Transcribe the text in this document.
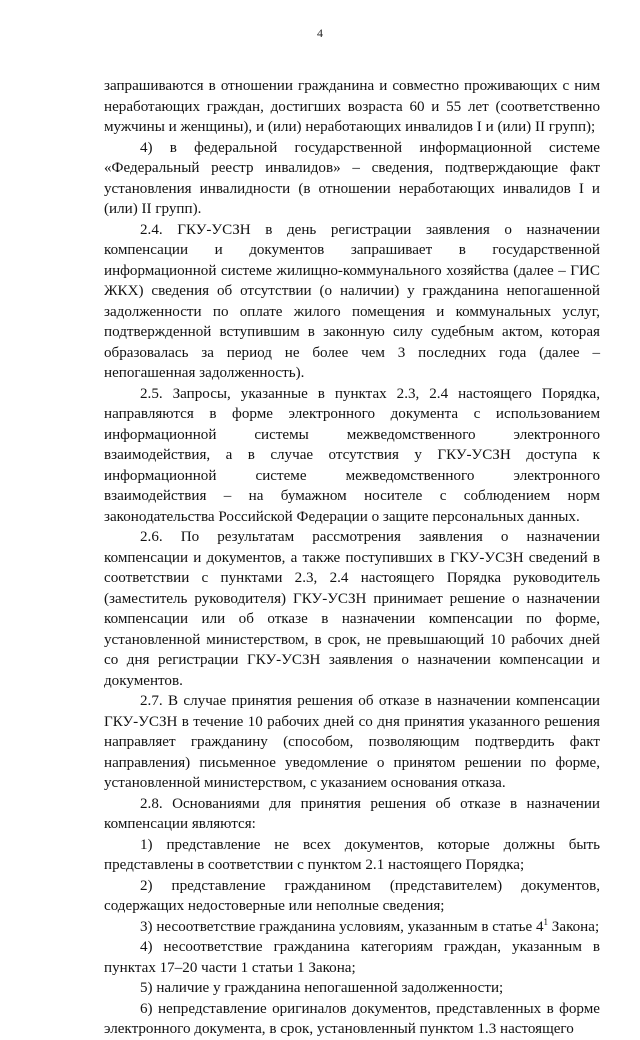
4

запрашиваются в отношении гражданина и совместно проживающих с ним неработающих граждан, достигших возраста 60 и 55 лет (соответственно мужчины и женщины), и (или) неработающих инвалидов I и (или) II групп);

4) в федеральной государственной информационной системе «Федеральный реестр инвалидов» – сведения, подтверждающие факт установления инвалидности (в отношении неработающих инвалидов I и (или) II групп).

2.4. ГКУ-УСЗН в день регистрации заявления о назначении компенсации и документов запрашивает в государственной информационной системе жилищно-коммунального хозяйства (далее – ГИС ЖКХ) сведения об отсутствии (о наличии) у гражданина непогашенной задолженности по оплате жилого помещения и коммунальных услуг, подтвержденной вступившим в законную силу судебным актом, которая образовалась за период не более чем 3 последних года (далее – непогашенная задолженность).

2.5. Запросы, указанные в пунктах 2.3, 2.4 настоящего Порядка, направляются в форме электронного документа с использованием информационной системы межведомственного электронного взаимодействия, а в случае отсутствия у ГКУ-УСЗН доступа к информационной системе межведомственного электронного взаимодействия – на бумажном носителе с соблюдением норм законодательства Российской Федерации о защите персональных данных.

2.6. По результатам рассмотрения заявления о назначении компенсации и документов, а также поступивших в ГКУ-УСЗН сведений в соответствии с пунктами 2.3, 2.4 настоящего Порядка руководитель (заместитель руководителя) ГКУ-УСЗН принимает решение о назначении компенсации или об отказе в назначении компенсации по форме, установленной министерством, в срок, не превышающий 10 рабочих дней со дня регистрации ГКУ-УСЗН заявления о назначении компенсации и документов.

2.7. В случае принятия решения об отказе в назначении компенсации ГКУ-УСЗН в течение 10 рабочих дней со дня принятия указанного решения направляет гражданину (способом, позволяющим подтвердить факт направления) письменное уведомление о принятом решении по форме, установленной министерством, с указанием основания отказа.

2.8. Основаниями для принятия решения об отказе в назначении компенсации являются:

1) представление не всех документов, которые должны быть представлены в соответствии с пунктом 2.1 настоящего Порядка;

2) представление гражданином (представителем) документов, содержащих недостоверные или неполные сведения;

3) несоответствие гражданина условиям, указанным в статье $4^1$ Закона;

4) несоответствие гражданина категориям граждан, указанным в пунктах 17–20 части 1 статьи 1 Закона;

5) наличие у гражданина непогашенной задолженности;

6) непредставление оригиналов документов, представленных в форме электронного документа, в срок, установленный пунктом 1.3 настоящего
